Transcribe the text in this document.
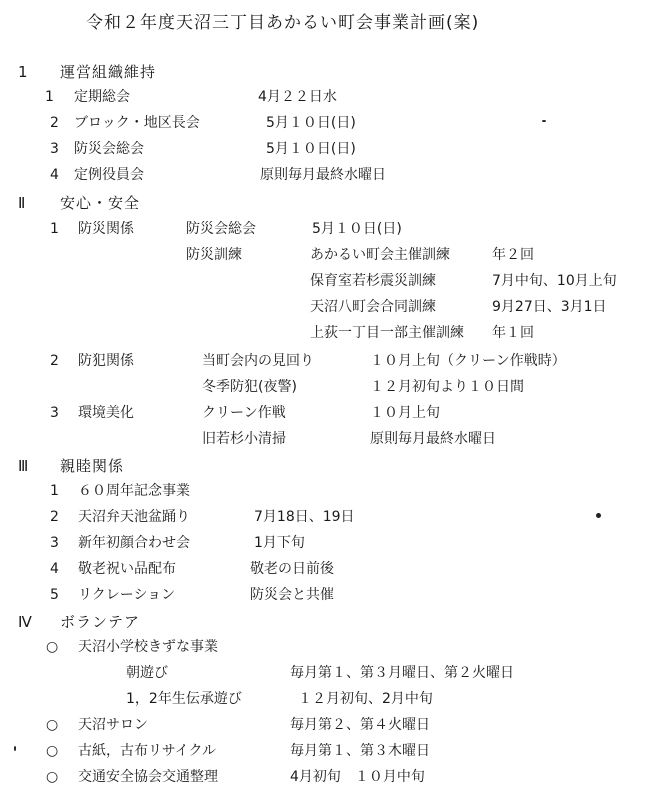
令和２年度天沼三丁目あかるい町会事業計画(案)
1 運営組織維持
1 定期総会	4月２２日水
2 ブロック・地区長会	5月１０日(日)
3 防災会総会	5月１０日(日)
4 定例役員会	原則毎月最終水曜日
Ⅱ 安心・安全
1 防災関係	防災会総会	5月１０日(日)
防災訓練	あかるい町会主催訓練	年２回
保育室若杉震災訓練	7月中旬、10月上旬
天沼八町会合同訓練	9月27日、3月1日
上荻一丁目一部主催訓練 年１回
2 防犯関係	当町会内の見回り	１０月上旬（クリーン作戦時）
冬季防犯(夜警)	１２月初旬より１０日間
3 環境美化	クリーン作戦	１０月上旬
旧若杉小清掃	原則毎月最終水曜日
Ⅲ 親睦関係
1 ６０周年記念事業
2 天沼弁天池盆踊り	7月18日、19日
3 新年初顔合わせ会	1月下旬
4 敬老祝い品配布	敬老の日前後
5 リクレーション	防災会と共催
Ⅳ ボランテア
○ 天沼小学校きずな事業
朝遊び	毎月第１、第３月曜日、第２火曜日
1，2年生伝承遊び	１２月初旬、2月中旬
○ 天沼サロン	毎月第２、第４火曜日
○ 古紙，古布リサイクル	毎月第１、第３木曜日
○ 交通安全協会交通整理	4月初旬　１０月中旬
